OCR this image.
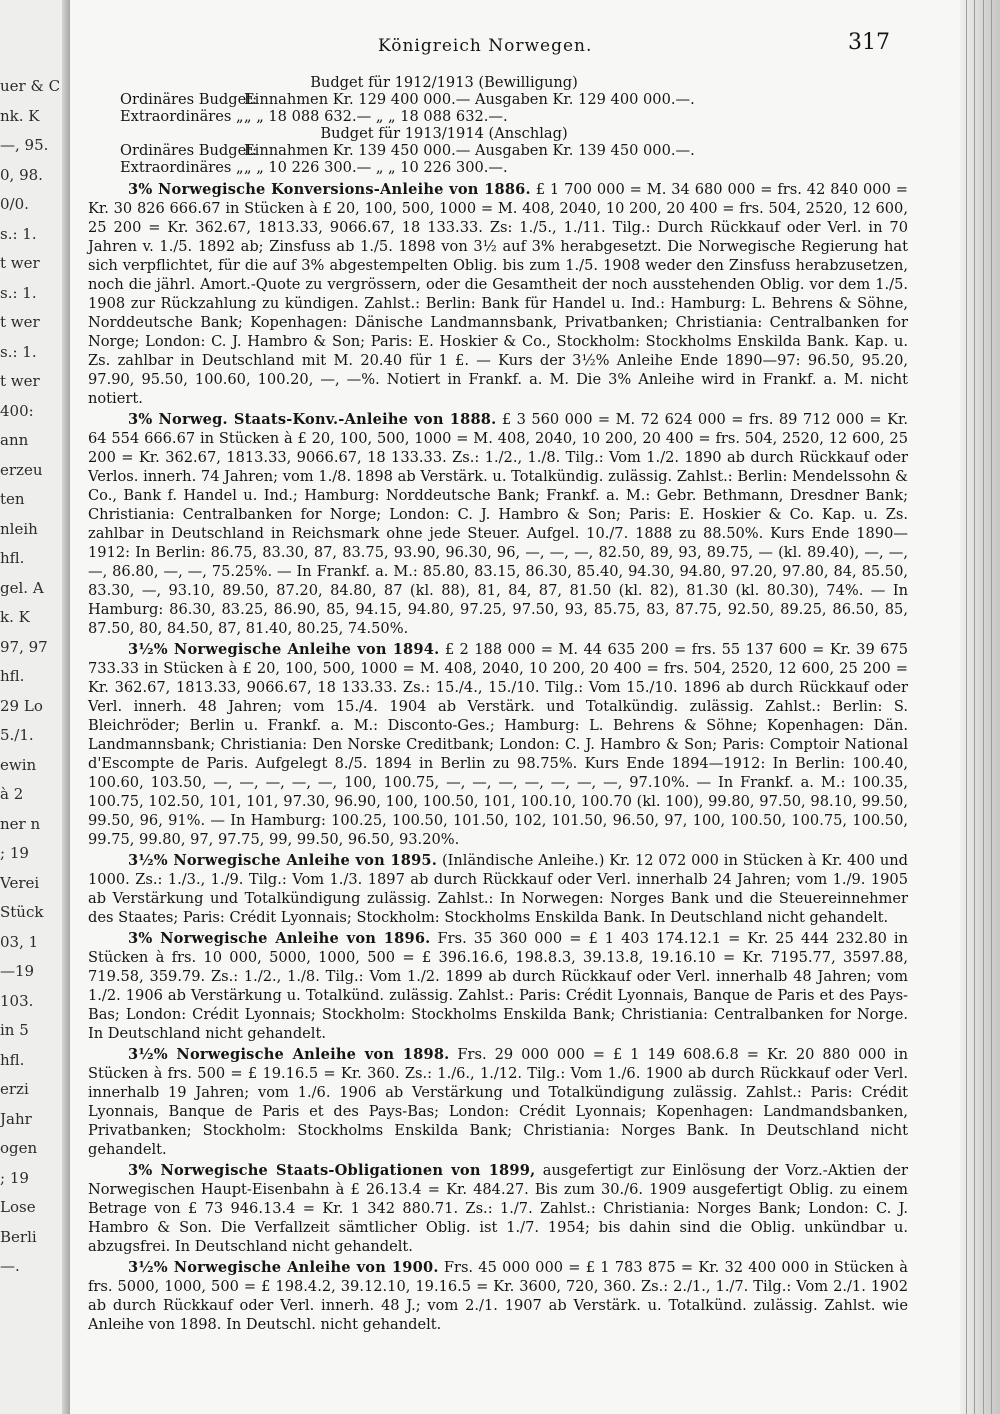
—.
Berli
Lose
; 19
ogen
Jahr
erzi
hfl.
in 5
103.
—19
03, 1
Stück
Verei
; 19
ner n
à 2
ewin
5./1.
29 Lo
hfl.
97, 97
k. K
gel. A
hfl.
nleih
ten
erzeu
ann
400:
t wer
s.: 1.
t wer
s.: 1.
t wer
s.: 1.
0/0.
0, 98.
—, 95.
nk. K
uer & C
Königreich Norwegen.	317
Budget für 1912/1913 (Bewilligung)
Ordinäres Budget:
Einnahmen Kr. 129 400 000.— Ausgaben Kr. 129 400 000.—.
Extraordinäres „ „ „ 18 088 632.— „ „ 18 088 632.—.
Budget für 1913/1914 (Anschlag)
Ordinäres Budget:
Einnahmen Kr. 139 450 000.— Ausgaben Kr. 139 450 000.—.
Extraordinäres „ „ „ 10 226 300.— „ „ 10 226 300.—.

3% Norwegische Konversions-Anleihe von 1886. £ 1 700 000 = M. 34 680 000 = frs. 42 840 000 = Kr. 30 826 666.67 in Stücken à £ 20, 100, 500, 1000 = M. 408, 2040, 10 200, 20 400 = frs. 504, 2520, 12 600, 25 200 = Kr. 362.67, 1813.33, 9066.67, 18 133.33. Zs: 1./5., 1./11. Tilg.: Durch Rückkauf oder Verl. in 70 Jahren v. 1./5. 1892 ab; Zinsfuss ab 1./5. 1898 von 3½ auf 3% herabgesetzt. Die Norwegische Regierung hat sich verpflichtet, für die auf 3% abgestempelten Oblig. bis zum 1./5. 1908 weder den Zinsfuss herabzusetzen, noch die jährl. Amort.-Quote zu vergrössern, oder die Gesamtheit der noch ausstehenden Oblig. vor dem 1./5. 1908 zur Rückzahlung zu kündigen. Zahlst.: Berlin: Bank für Handel u. Ind.: Hamburg: L. Behrens & Söhne, Norddeutsche Bank; Kopenhagen: Dänische Landmannsbank, Privatbanken; Christiania: Centralbanken for Norge; London: C. J. Hambro & Son; Paris: E. Hoskier & Co., Stockholm: Stockholms Enskilda Bank. Kap. u. Zs. zahlbar in Deutschland mit M. 20.40 für 1 £. — Kurs der 3½% Anleihe Ende 1890—97: 96.50, 95.20, 97.90, 95.50, 100.60, 100.20, —, —%. Notiert in Frankf. a. M. Die 3% Anleihe wird in Frankf. a. M. nicht notiert.

3% Norweg. Staats-Konv.-Anleihe von 1888. £ 3 560 000 = M. 72 624 000 = frs. 89 712 000 = Kr. 64 554 666.67 in Stücken à £ 20, 100, 500, 1000 = M. 408, 2040, 10 200, 20 400 = frs. 504, 2520, 12 600, 25 200 = Kr. 362.67, 1813.33, 9066.67, 18 133.33. Zs.: 1./2., 1./8. Tilg.: Vom 1./2. 1890 ab durch Rückkauf oder Verlos. innerh. 74 Jahren; vom 1./8. 1898 ab Verstärk. u. Totalkündig. zulässig. Zahlst.: Berlin: Mendelssohn & Co., Bank f. Handel u. Ind.; Hamburg: Norddeutsche Bank; Frankf. a. M.: Gebr. Bethmann, Dresdner Bank; Christiania: Centralbanken for Norge; London: C. J. Hambro & Son; Paris: E. Hoskier & Co. Kap. u. Zs. zahlbar in Deutschland in Reichsmark ohne jede Steuer. Aufgel. 10./7. 1888 zu 88.50%. Kurs Ende 1890—1912: In Berlin: 86.75, 83.30, 87, 83.75, 93.90, 96.30, 96, —, —, —, 82.50, 89, 93, 89.75, — (kl. 89.40), —, —, —, 86.80, —, —, 75.25%. — In Frankf. a. M.: 85.80, 83.15, 86.30, 85.40, 94.30, 94.80, 97.20, 97.80, 84, 85.50, 83.30, —, 93.10, 89.50, 87.20, 84.80, 87 (kl. 88), 81, 84, 87, 81.50 (kl. 82), 81.30 (kl. 80.30), 74%. — In Hamburg: 86.30, 83.25, 86.90, 85, 94.15, 94.80, 97.25, 97.50, 93, 85.75, 83, 87.75, 92.50, 89.25, 86.50, 85, 87.50, 80, 84.50, 87, 81.40, 80.25, 74.50%.

3½% Norwegische Anleihe von 1894. £ 2 188 000 = M. 44 635 200 = frs. 55 137 600 = Kr. 39 675 733.33 in Stücken à £ 20, 100, 500, 1000 = M. 408, 2040, 10 200, 20 400 = frs. 504, 2520, 12 600, 25 200 = Kr. 362.67, 1813.33, 9066.67, 18 133.33. Zs.: 15./4., 15./10. Tilg.: Vom 15./10. 1896 ab durch Rückkauf oder Verl. innerh. 48 Jahren; vom 15./4. 1904 ab Verstärk. und Totalkündig. zulässig. Zahlst.: Berlin: S. Bleichröder; Berlin u. Frankf. a. M.: Disconto-Ges.; Hamburg: L. Behrens & Söhne; Kopenhagen: Dän. Landmannsbank; Christiania: Den Norske Creditbank; London: C. J. Hambro & Son; Paris: Comptoir National d'Escompte de Paris. Aufgelegt 8./5. 1894 in Berlin zu 98.75%. Kurs Ende 1894—1912: In Berlin: 100.40, 100.60, 103.50, —, —, —, —, —, 100, 100.75, —, —, —, —, —, —, —, 97.10%. — In Frankf. a. M.: 100.35, 100.75, 102.50, 101, 101, 97.30, 96.90, 100, 100.50, 101, 100.10, 100.70 (kl. 100), 99.80, 97.50, 98.10, 99.50, 99.50, 96, 91%. — In Hamburg: 100.25, 100.50, 101.50, 102, 101.50, 96.50, 97, 100, 100.50, 100.75, 100.50, 99.75, 99.80, 97, 97.75, 99, 99.50, 96.50, 93.20%.

3½% Norwegische Anleihe von 1895. (Inländische Anleihe.) Kr. 12 072 000 in Stücken à Kr. 400 und 1000. Zs.: 1./3., 1./9. Tilg.: Vom 1./3. 1897 ab durch Rückkauf oder Verl. innerhalb 24 Jahren; vom 1./9. 1905 ab Verstärkung und Totalkündigung zulässig. Zahlst.: In Norwegen: Norges Bank und die Steuereinnehmer des Staates; Paris: Crédit Lyonnais; Stockholm: Stockholms Enskilda Bank. In Deutschland nicht gehandelt.

3% Norwegische Anleihe von 1896. Frs. 35 360 000 = £ 1 403 174.12.1 = Kr. 25 444 232.80 in Stücken à frs. 10 000, 5000, 1000, 500 = £ 396.16.6, 198.8.3, 39.13.8, 19.16.10 = Kr. 7195.77, 3597.88, 719.58, 359.79. Zs.: 1./2., 1./8. Tilg.: Vom 1./2. 1899 ab durch Rückkauf oder Verl. innerhalb 48 Jahren; vom 1./2. 1906 ab Verstärkung u. Totalkünd. zulässig. Zahlst.: Paris: Crédit Lyonnais, Banque de Paris et des Pays-Bas; London: Crédit Lyonnais; Stockholm: Stockholms Enskilda Bank; Christiania: Centralbanken for Norge. In Deutschland nicht gehandelt.

3½% Norwegische Anleihe von 1898. Frs. 29 000 000 = £ 1 149 608.6.8 = Kr. 20 880 000 in Stücken à frs. 500 = £ 19.16.5 = Kr. 360. Zs.: 1./6., 1./12. Tilg.: Vom 1./6. 1900 ab durch Rückkauf oder Verl. innerhalb 19 Jahren; vom 1./6. 1906 ab Verstärkung und Totalkündigung zulässig. Zahlst.: Paris: Crédit Lyonnais, Banque de Paris et des Pays-Bas; London: Crédit Lyonnais; Kopenhagen: Landmandsbanken, Privatbanken; Stockholm: Stockholms Enskilda Bank; Christiania: Norges Bank. In Deutschland nicht gehandelt.

3% Norwegische Staats-Obligationen von 1899, ausgefertigt zur Einlösung der Vorz.-Aktien der Norwegischen Haupt-Eisenbahn à £ 26.13.4 = Kr. 484.27. Bis zum 30./6. 1909 ausgefertigt Oblig. zu einem Betrage von £ 73 946.13.4 = Kr. 1 342 880.71. Zs.: 1./7. Zahlst.: Christiania: Norges Bank; London: C. J. Hambro & Son. Die Verfallzeit sämtlicher Oblig. ist 1./7. 1954; bis dahin sind die Oblig. unkündbar u. abzugsfrei. In Deutschland nicht gehandelt.

3½% Norwegische Anleihe von 1900. Frs. 45 000 000 = £ 1 783 875 = Kr. 32 400 000 in Stücken à frs. 5000, 1000, 500 = £ 198.4.2, 39.12.10, 19.16.5 = Kr. 3600, 720, 360. Zs.: 2./1., 1./7. Tilg.: Vom 2./1. 1902 ab durch Rückkauf oder Verl. innerh. 48 J.; vom 2./1. 1907 ab Verstärk. u. Totalkünd. zulässig. Zahlst. wie Anleihe von 1898. In Deutschl. nicht gehandelt.
